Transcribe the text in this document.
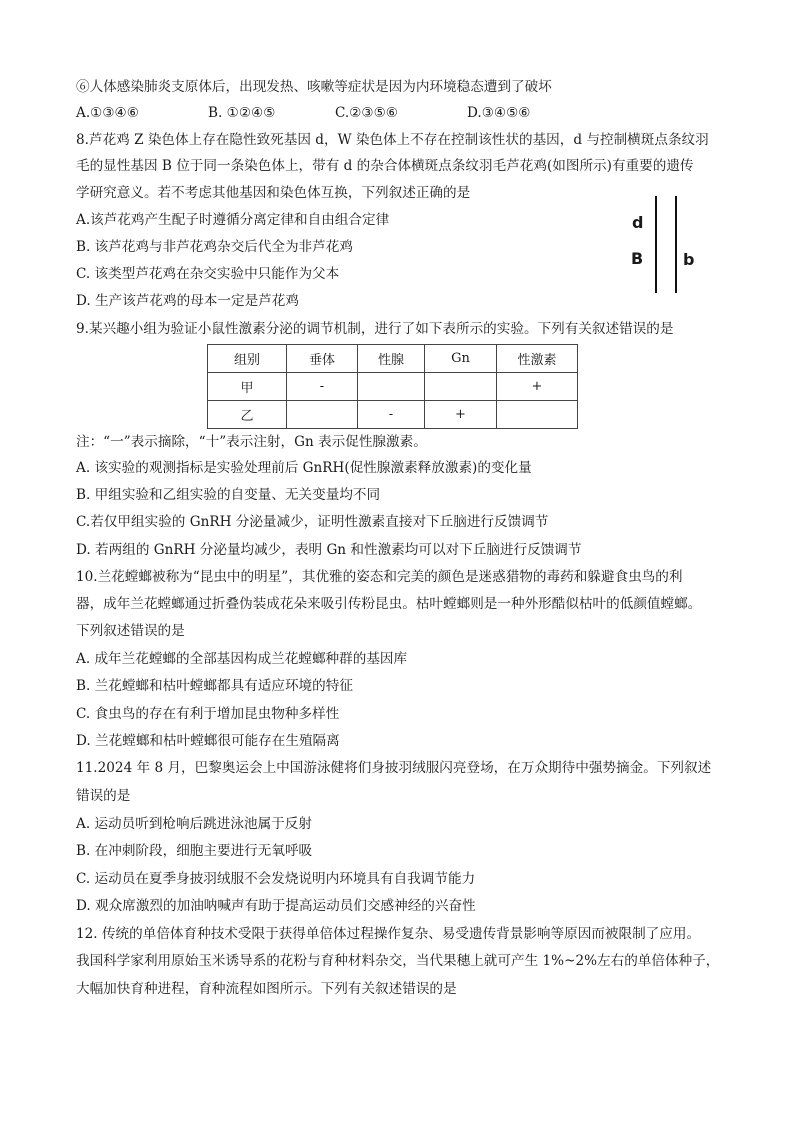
⑥人体感染肺炎支原体后，出现发热、咳嗽等症状是因为内环境稳态遭到了破坏
A.①③④⑥	B. ①②④⑤	C.②③⑤⑥	D.③④⑤⑥
8.芦花鸡 Z 染色体上存在隐性致死基因 d，W 染色体上不存在控制该性状的基因，d 与控制横斑点条纹羽
毛的显性基因 B 位于同一条染色体上，带有 d 的杂合体横斑点条纹羽毛芦花鸡(如图所示)有重要的遗传
学研究意义。若不考虑其他基因和染色体互换，下列叙述正确的是
A.该芦花鸡产生配子时遵循分离定律和自由组合定律
B. 该芦花鸡与非芦花鸡杂交后代全为非芦花鸡
C. 该类型芦花鸡在杂交实验中只能作为父本
D. 生产该芦花鸡的母本一定是芦花鸡
d
B b
9.某兴趣小组为验证小鼠性激素分泌的调节机制，进行了如下表所示的实验。下列有关叙述错误的是
组别	垂体	性腺	Gn	性激素
甲	-			+
乙		-	+	
注：“一”表示摘除，“十”表示注射，Gn 表示促性腺激素。
A. 该实验的观测指标是实验处理前后 GnRH(促性腺激素释放激素)的变化量
B. 甲组实验和乙组实验的自变量、无关变量均不同
C.若仅甲组实验的 GnRH 分泌量减少，证明性激素直接对下丘脑进行反馈调节
D. 若两组的 GnRH 分泌量均减少，表明 Gn 和性激素均可以对下丘脑进行反馈调节
10.兰花螳螂被称为“昆虫中的明星”，其优雅的姿态和完美的颜色是迷惑猎物的毒药和躲避食虫鸟的利
器，成年兰花螳螂通过折叠伪装成花朵来吸引传粉昆虫。枯叶螳螂则是一种外形酷似枯叶的低颜值螳螂。
下列叙述错误的是
A. 成年兰花螳螂的全部基因构成兰花螳螂种群的基因库
B. 兰花螳螂和枯叶螳螂都具有适应环境的特征
C. 食虫鸟的存在有利于增加昆虫物种多样性
D. 兰花螳螂和枯叶螳螂很可能存在生殖隔离
11.2024 年 8 月，巴黎奥运会上中国游泳健将们身披羽绒服闪亮登场，在万众期待中强势摘金。下列叙述
错误的是
A. 运动员听到枪响后跳进泳池属于反射
B. 在冲刺阶段，细胞主要进行无氧呼吸
C. 运动员在夏季身披羽绒服不会发烧说明内环境具有自我调节能力
D. 观众席激烈的加油呐喊声有助于提高运动员们交感神经的兴奋性
12. 传统的单倍体育种技术受限于获得单倍体过程操作复杂、易受遗传背景影响等原因而被限制了应用。
我国科学家利用原始玉米诱导系的花粉与育种材料杂交，当代果穗上就可产生 1%~2%左右的单倍体种子，
大幅加快育种进程，育种流程如图所示。下列有关叙述错误的是
